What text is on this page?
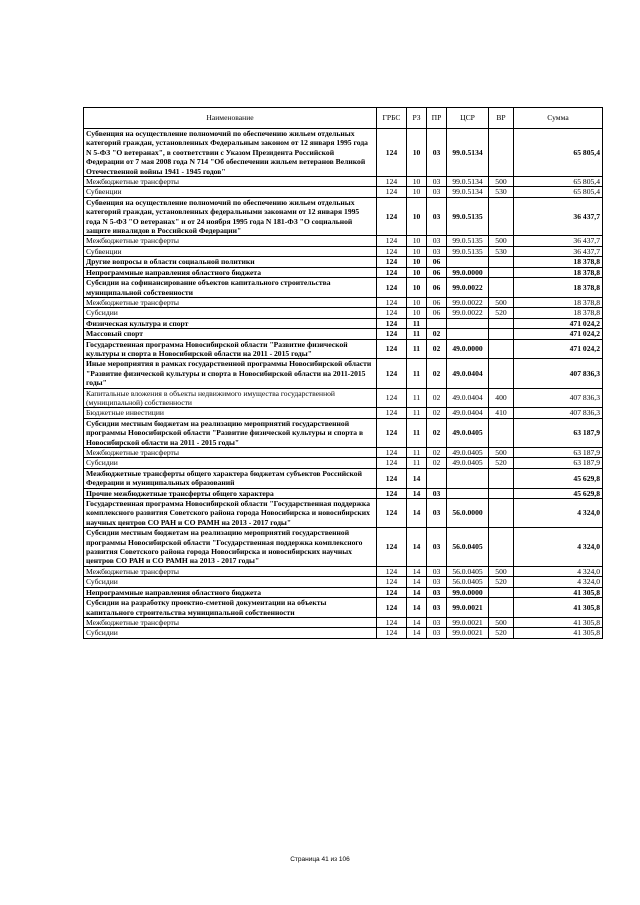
Наименование	ГРБС	РЗ	ПР	ЦСР	ВР	Сумма
Субвенция на осуществление полномочий по обеспечению жильем отдельных категорий граждан, установленных Федеральным законом от 12 января 1995 года N 5-ФЗ "О ветеранах", в соответствии с Указом Президента Российской Федерации от 7 мая 2008 года N 714 "Об обеспечении жильем ветеранов Великой Отечественной войны 1941 - 1945 годов"	124	10	03	99.0.5134		65 805,4
Межбюджетные трансферты	124	10	03	99.0.5134	500	65 805,4
Субвенции	124	10	03	99.0.5134	530	65 805,4
Субвенция на осуществление полномочий по обеспечению жильем отдельных категорий граждан, установленных федеральными законами от 12 января 1995 года N 5-ФЗ "О ветеранах" и от 24 ноября 1995 года N 181-ФЗ "О социальной защите инвалидов в Российской Федерации"	124	10	03	99.0.5135		36 437,7
Межбюджетные трансферты	124	10	03	99.0.5135	500	36 437,7
Субвенции	124	10	03	99.0.5135	530	36 437,7
Другие вопросы в области социальной политики	124	10	06			18 378,8
Непрограммные направления областного бюджета	124	10	06	99.0.0000		18 378,8
Субсидии на софинансирование объектов капитального строительства муниципальной собственности	124	10	06	99.0.0022		18 378,8
Межбюджетные трансферты	124	10	06	99.0.0022	500	18 378,8
Субсидии	124	10	06	99.0.0022	520	18 378,8
Физическая культура и спорт	124	11				471 024,2
Массовый спорт	124	11	02			471 024,2
Государственная программа Новосибирской области "Развитие физической культуры и спорта в Новосибирской области на 2011 - 2015 годы"	124	11	02	49.0.0000		471 024,2
Иные мероприятия в рамках государственной программы Новосибирской области "Развитие физической культуры и спорта в Новосибирской области на 2011-2015 годы"	124	11	02	49.0.0404		407 836,3
Капитальные вложения в объекты недвижимого имущества государственной (муниципальной) собственности	124	11	02	49.0.0404	400	407 836,3
Бюджетные инвестиции	124	11	02	49.0.0404	410	407 836,3
Субсидии местным бюджетам на реализацию мероприятий государственной программы Новосибирской области "Развитие физической культуры и спорта в Новосибирской области на 2011 - 2015 годы"	124	11	02	49.0.0405		63 187,9
Межбюджетные трансферты	124	11	02	49.0.0405	500	63 187,9
Субсидии	124	11	02	49.0.0405	520	63 187,9
Межбюджетные трансферты общего характера бюджетам субъектов Российской Федерации и муниципальных образований	124	14				45 629,8
Прочие межбюджетные трансферты общего характера	124	14	03			45 629,8
Государственная программа Новосибирской области "Государственная поддержка комплексного развития Советского района города Новосибирска и новосибирских научных центров СО РАН и СО РАМН на 2013 - 2017 годы"	124	14	03	56.0.0000		4 324,0
Субсидии местным бюджетам на реализацию мероприятий государственной программы Новосибирской области "Государственная поддержка комплексного развития Советского района города Новосибирска и новосибирских научных центров СО РАН и СО РАМН на 2013 - 2017 годы"	124	14	03	56.0.0405		4 324,0
Межбюджетные трансферты	124	14	03	56.0.0405	500	4 324,0
Субсидии	124	14	03	56.0.0405	520	4 324,0
Непрограммные направления областного бюджета	124	14	03	99.0.0000		41 305,8
Субсидии на разработку проектно-сметной документации на объекты капитального строительства муниципальной собственности	124	14	03	99.0.0021		41 305,8
Межбюджетные трансферты	124	14	03	99.0.0021	500	41 305,8
Субсидии	124	14	03	99.0.0021	520	41 305,8
Страница 41 из 106
